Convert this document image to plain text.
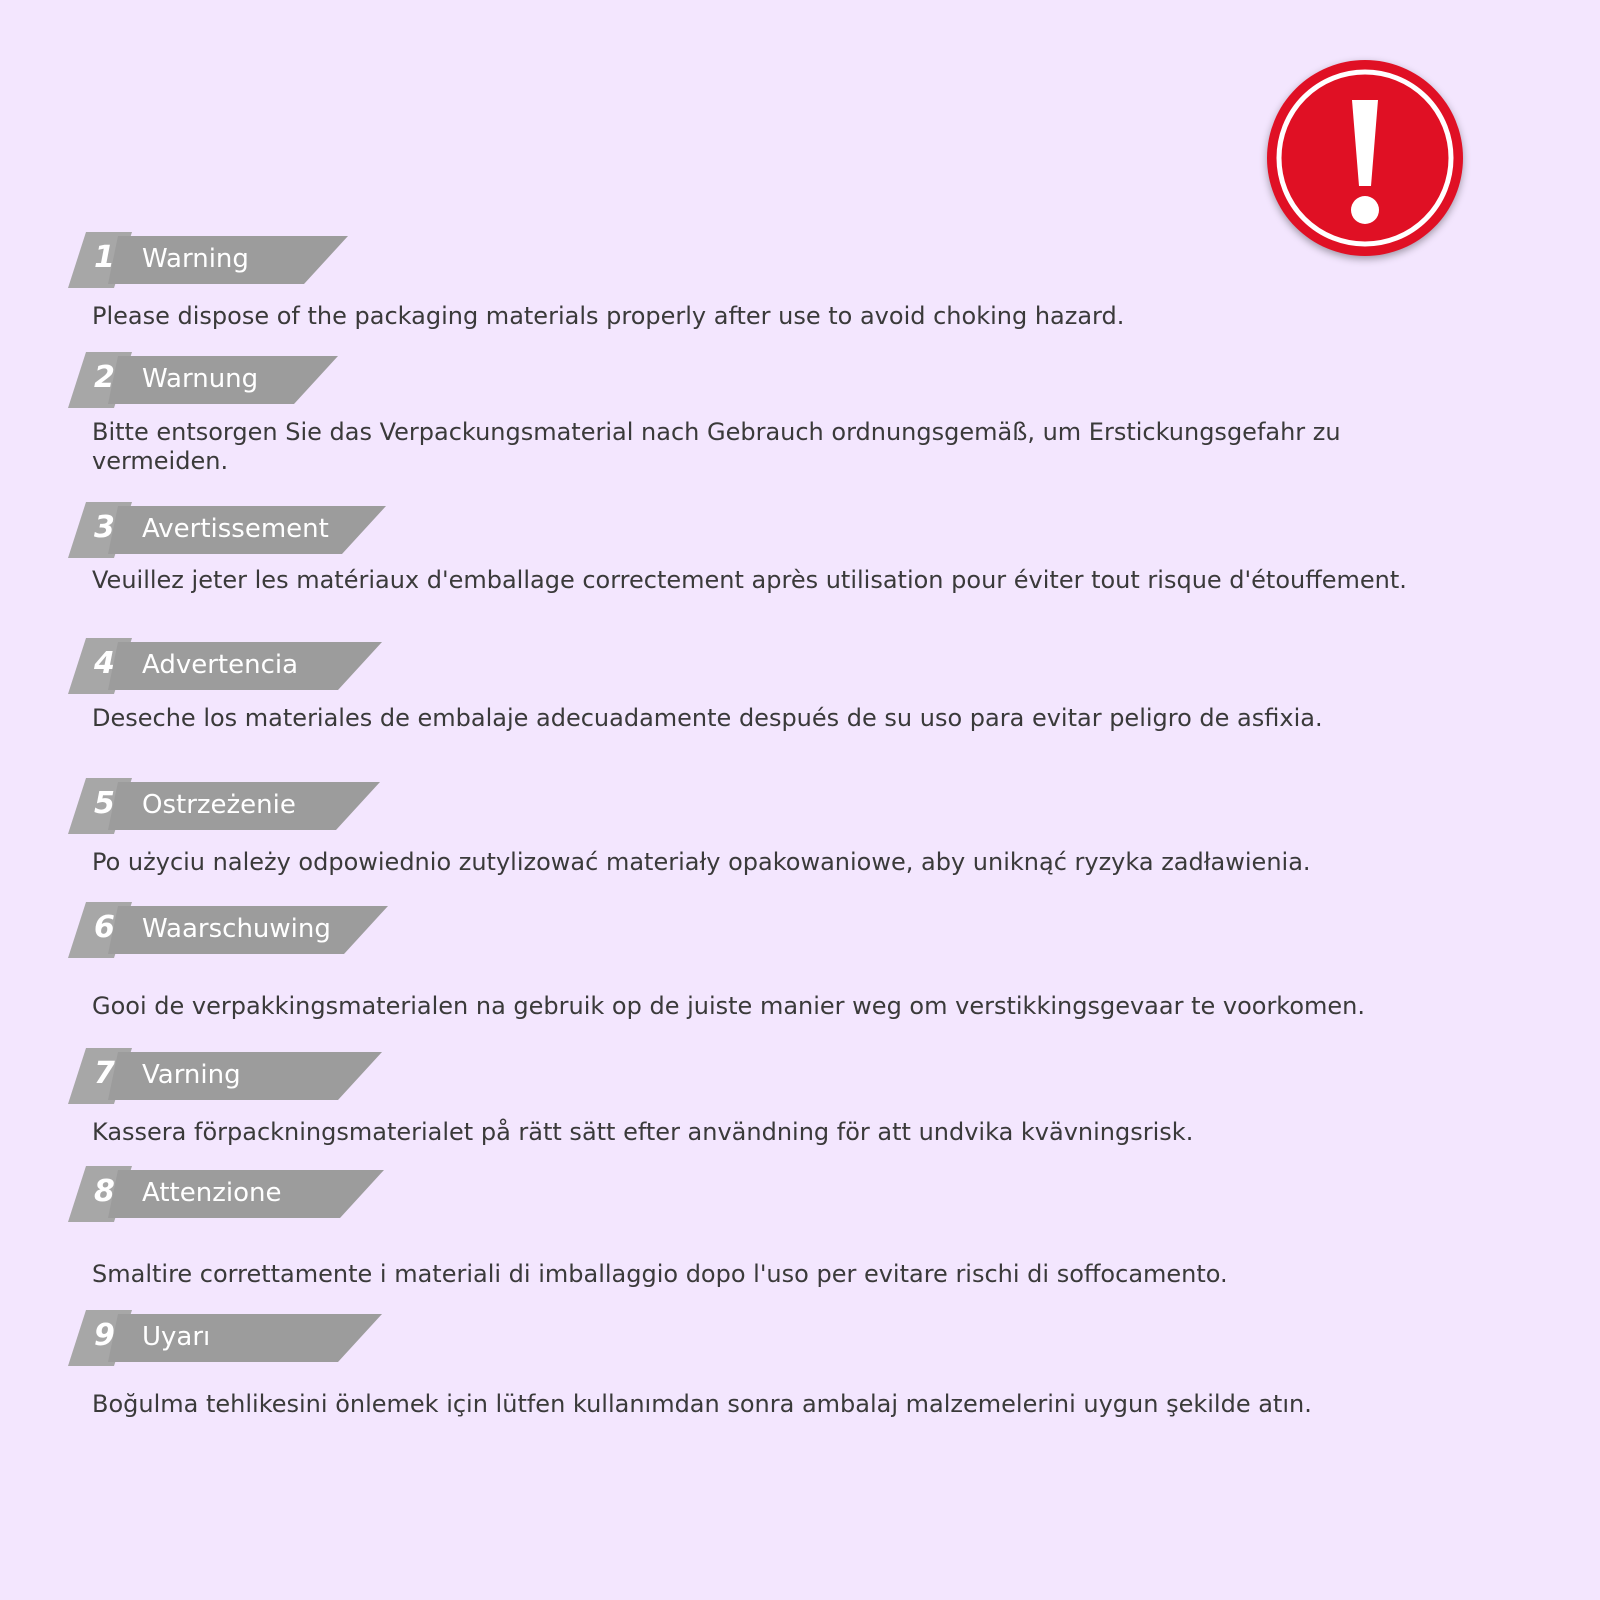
1 Warning
Please dispose of the packaging materials properly after use to avoid choking hazard.
2 Warnung
Bitte entsorgen Sie das Verpackungsmaterial nach Gebrauch ordnungsgemäß, um Erstickungsgefahr zu vermeiden.
3 Avertissement
Veuillez jeter les matériaux d'emballage correctement après utilisation pour éviter tout risque d'étouffement.
4 Advertencia
Deseche los materiales de embalaje adecuadamente después de su uso para evitar peligro de asfixia.
5 Ostrzeżenie
Po użyciu należy odpowiednio zutylizować materiały opakowaniowe, aby uniknąć ryzyka zadławienia.
6 Waarschuwing
Gooi de verpakkingsmaterialen na gebruik op de juiste manier weg om verstikkingsgevaar te voorkomen.
7 Varning
Kassera förpackningsmaterialet på rätt sätt efter användning för att undvika kvävningsrisk.
8 Attenzione
Smaltire correttamente i materiali di imballaggio dopo l'uso per evitare rischi di soffocamento.
9 Uyarı
Boğulma tehlikesini önlemek için lütfen kullanımdan sonra ambalaj malzemelerini uygun şekilde atın.
